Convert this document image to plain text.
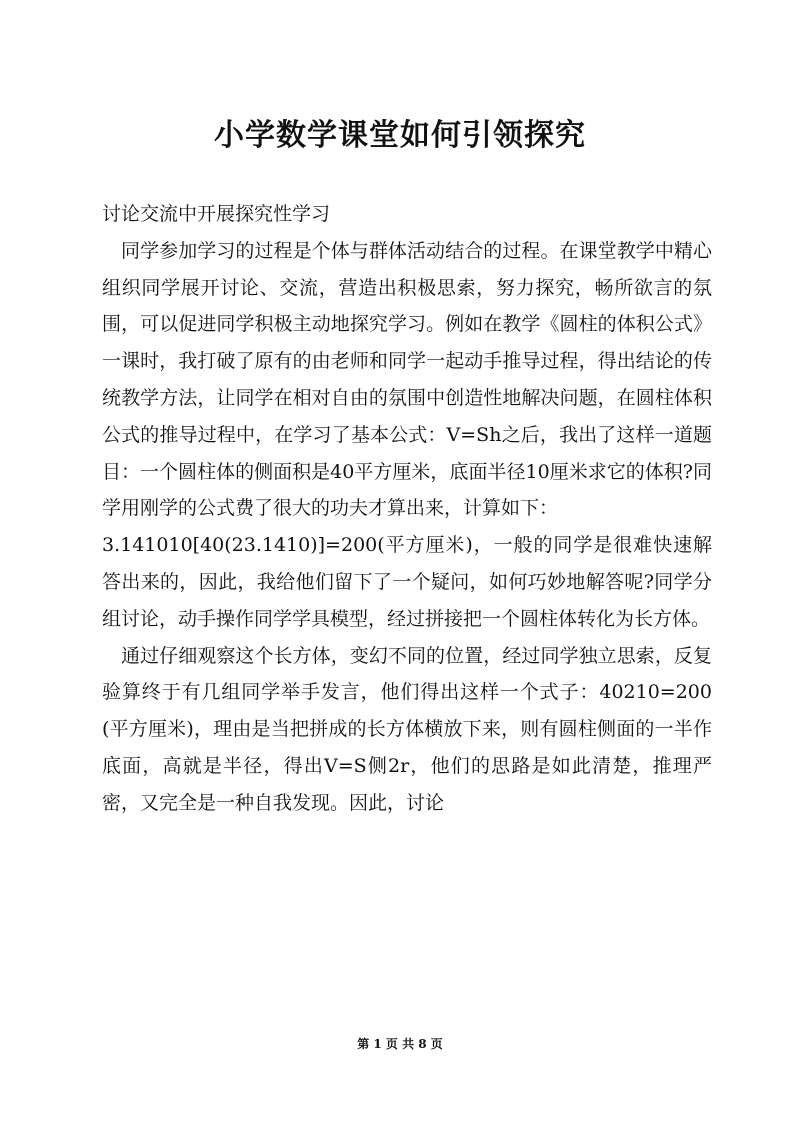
小学数学课堂如何引领探究

讨论交流中开展探究性学习

同学参加学习的过程是个体与群体活动结合的过程。在课堂教学中精心组织同学展开讨论、交流，营造出积极思索，努力探究，畅所欲言的氛围，可以促进同学积极主动地探究学习。例如在教学《圆柱的体积公式》一课时，我打破了原有的由老师和同学一起动手推导过程，得出结论的传统教学方法，让同学在相对自由的氛围中创造性地解决问题，在圆柱体积公式的推导过程中，在学习了基本公式：V=Sh之后，我出了这样一道题目：一个圆柱体的侧面积是40平方厘米，底面半径10厘米求它的体积?同学用刚学的公式费了很大的功夫才算出来，计算如下：

3.141010[40(23.1410)]=200(平方厘米)，一般的同学是很难快速解答出来的，因此，我给他们留下了一个疑问，如何巧妙地解答呢?同学分组讨论，动手操作同学学具模型，经过拼接把一个圆柱体转化为长方体。

通过仔细观察这个长方体，变幻不同的位置，经过同学独立思索，反复验算终于有几组同学举手发言，他们得出这样一个式子：40210=200(平方厘米)，理由是当把拼成的长方体横放下来，则有圆柱侧面的一半作底面，高就是半径，得出V=S侧2r，他们的思路是如此清楚，推理严密，又完全是一种自我发现。因此，讨论

第 1 页 共 8 页
